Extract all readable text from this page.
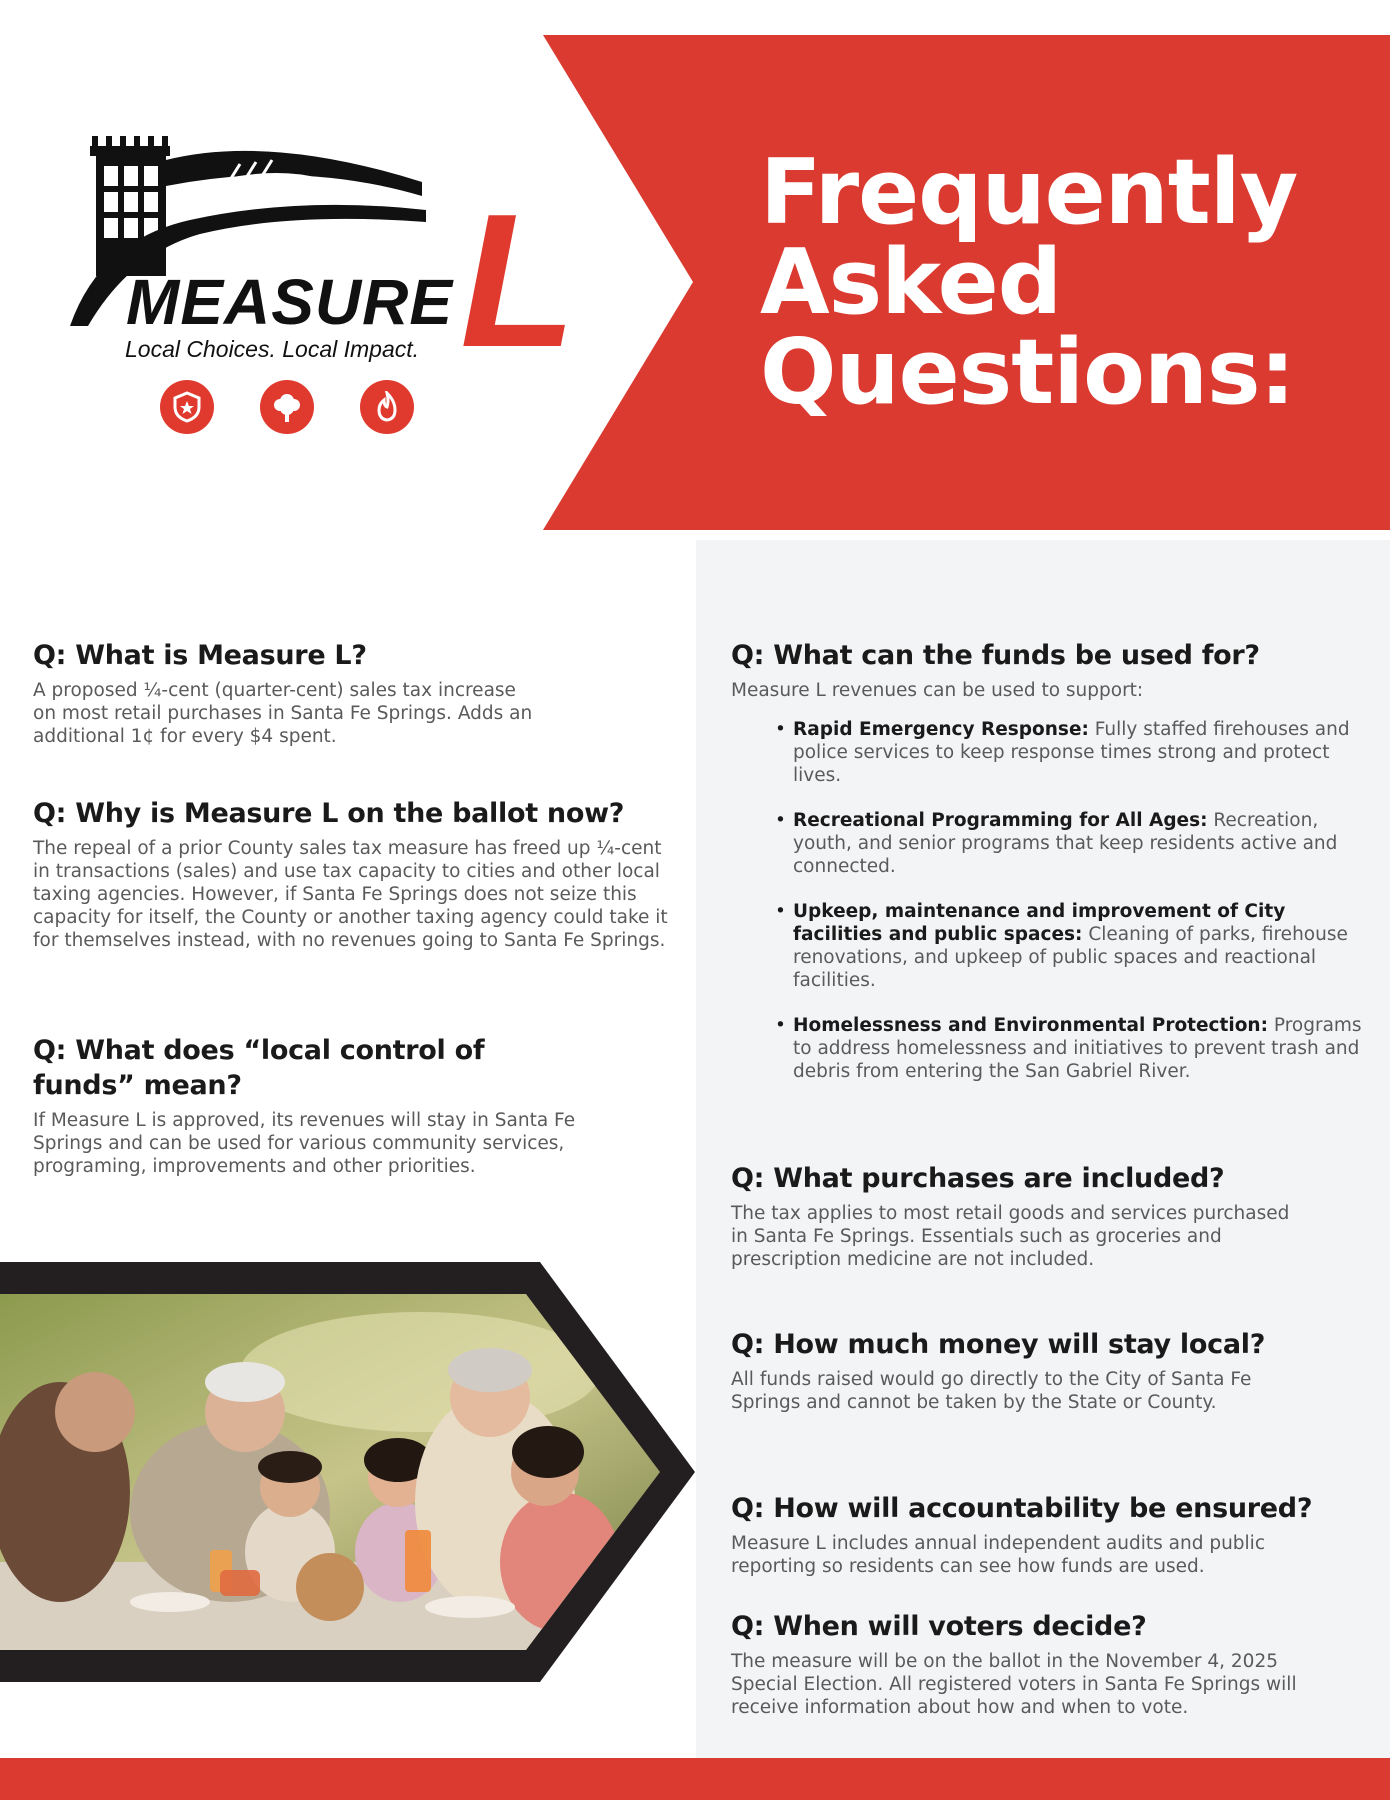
Frequently
Asked
Questions:
MEASURE L
Local Choices. Local Impact.
Q: What is Measure L?

A proposed ¼-cent (quarter-cent) sales tax increase on most retail purchases in Santa Fe Springs. Adds an additional 1¢ for every $4 spent.

Q: Why is Measure L on the ballot now?

The repeal of a prior County sales tax measure has freed up ¼-cent in transactions (sales) and use tax capacity to cities and other local taxing agencies. However, if Santa Fe Springs does not seize this capacity for itself, the County or another taxing agency could take it for themselves instead, with no revenues going to Santa Fe Springs.

Q: What does “local control of funds” mean?

If Measure L is approved, its revenues will stay in Santa Fe Springs and can be used for various community services, programing, improvements and other priorities.

Q: What can the funds be used for?

Measure L revenues can be used to support:

• Rapid Emergency Response: Fully staffed firehouses and police services to keep response times strong and protect lives.
• Recreational Programming for All Ages: Recreation, youth, and senior programs that keep residents active and connected.
• Upkeep, maintenance and improvement of City facilities and public spaces: Cleaning of parks, firehouse renovations, and upkeep of public spaces and reactional facilities.
• Homelessness and Environmental Protection: Programs to address homelessness and initiatives to prevent trash and debris from entering the San Gabriel River.
Q: What purchases are included?

The tax applies to most retail goods and services purchased in Santa Fe Springs. Essentials such as groceries and prescription medicine are not included.

Q: How much money will stay local?

All funds raised would go directly to the City of Santa Fe Springs and cannot be taken by the State or County.

Q: How will accountability be ensured?

Measure L includes annual independent audits and public reporting so residents can see how funds are used.

Q: When will voters decide?

The measure will be on the ballot in the November 4, 2025 Special Election. All registered voters in Santa Fe Springs will receive information about how and when to vote.
